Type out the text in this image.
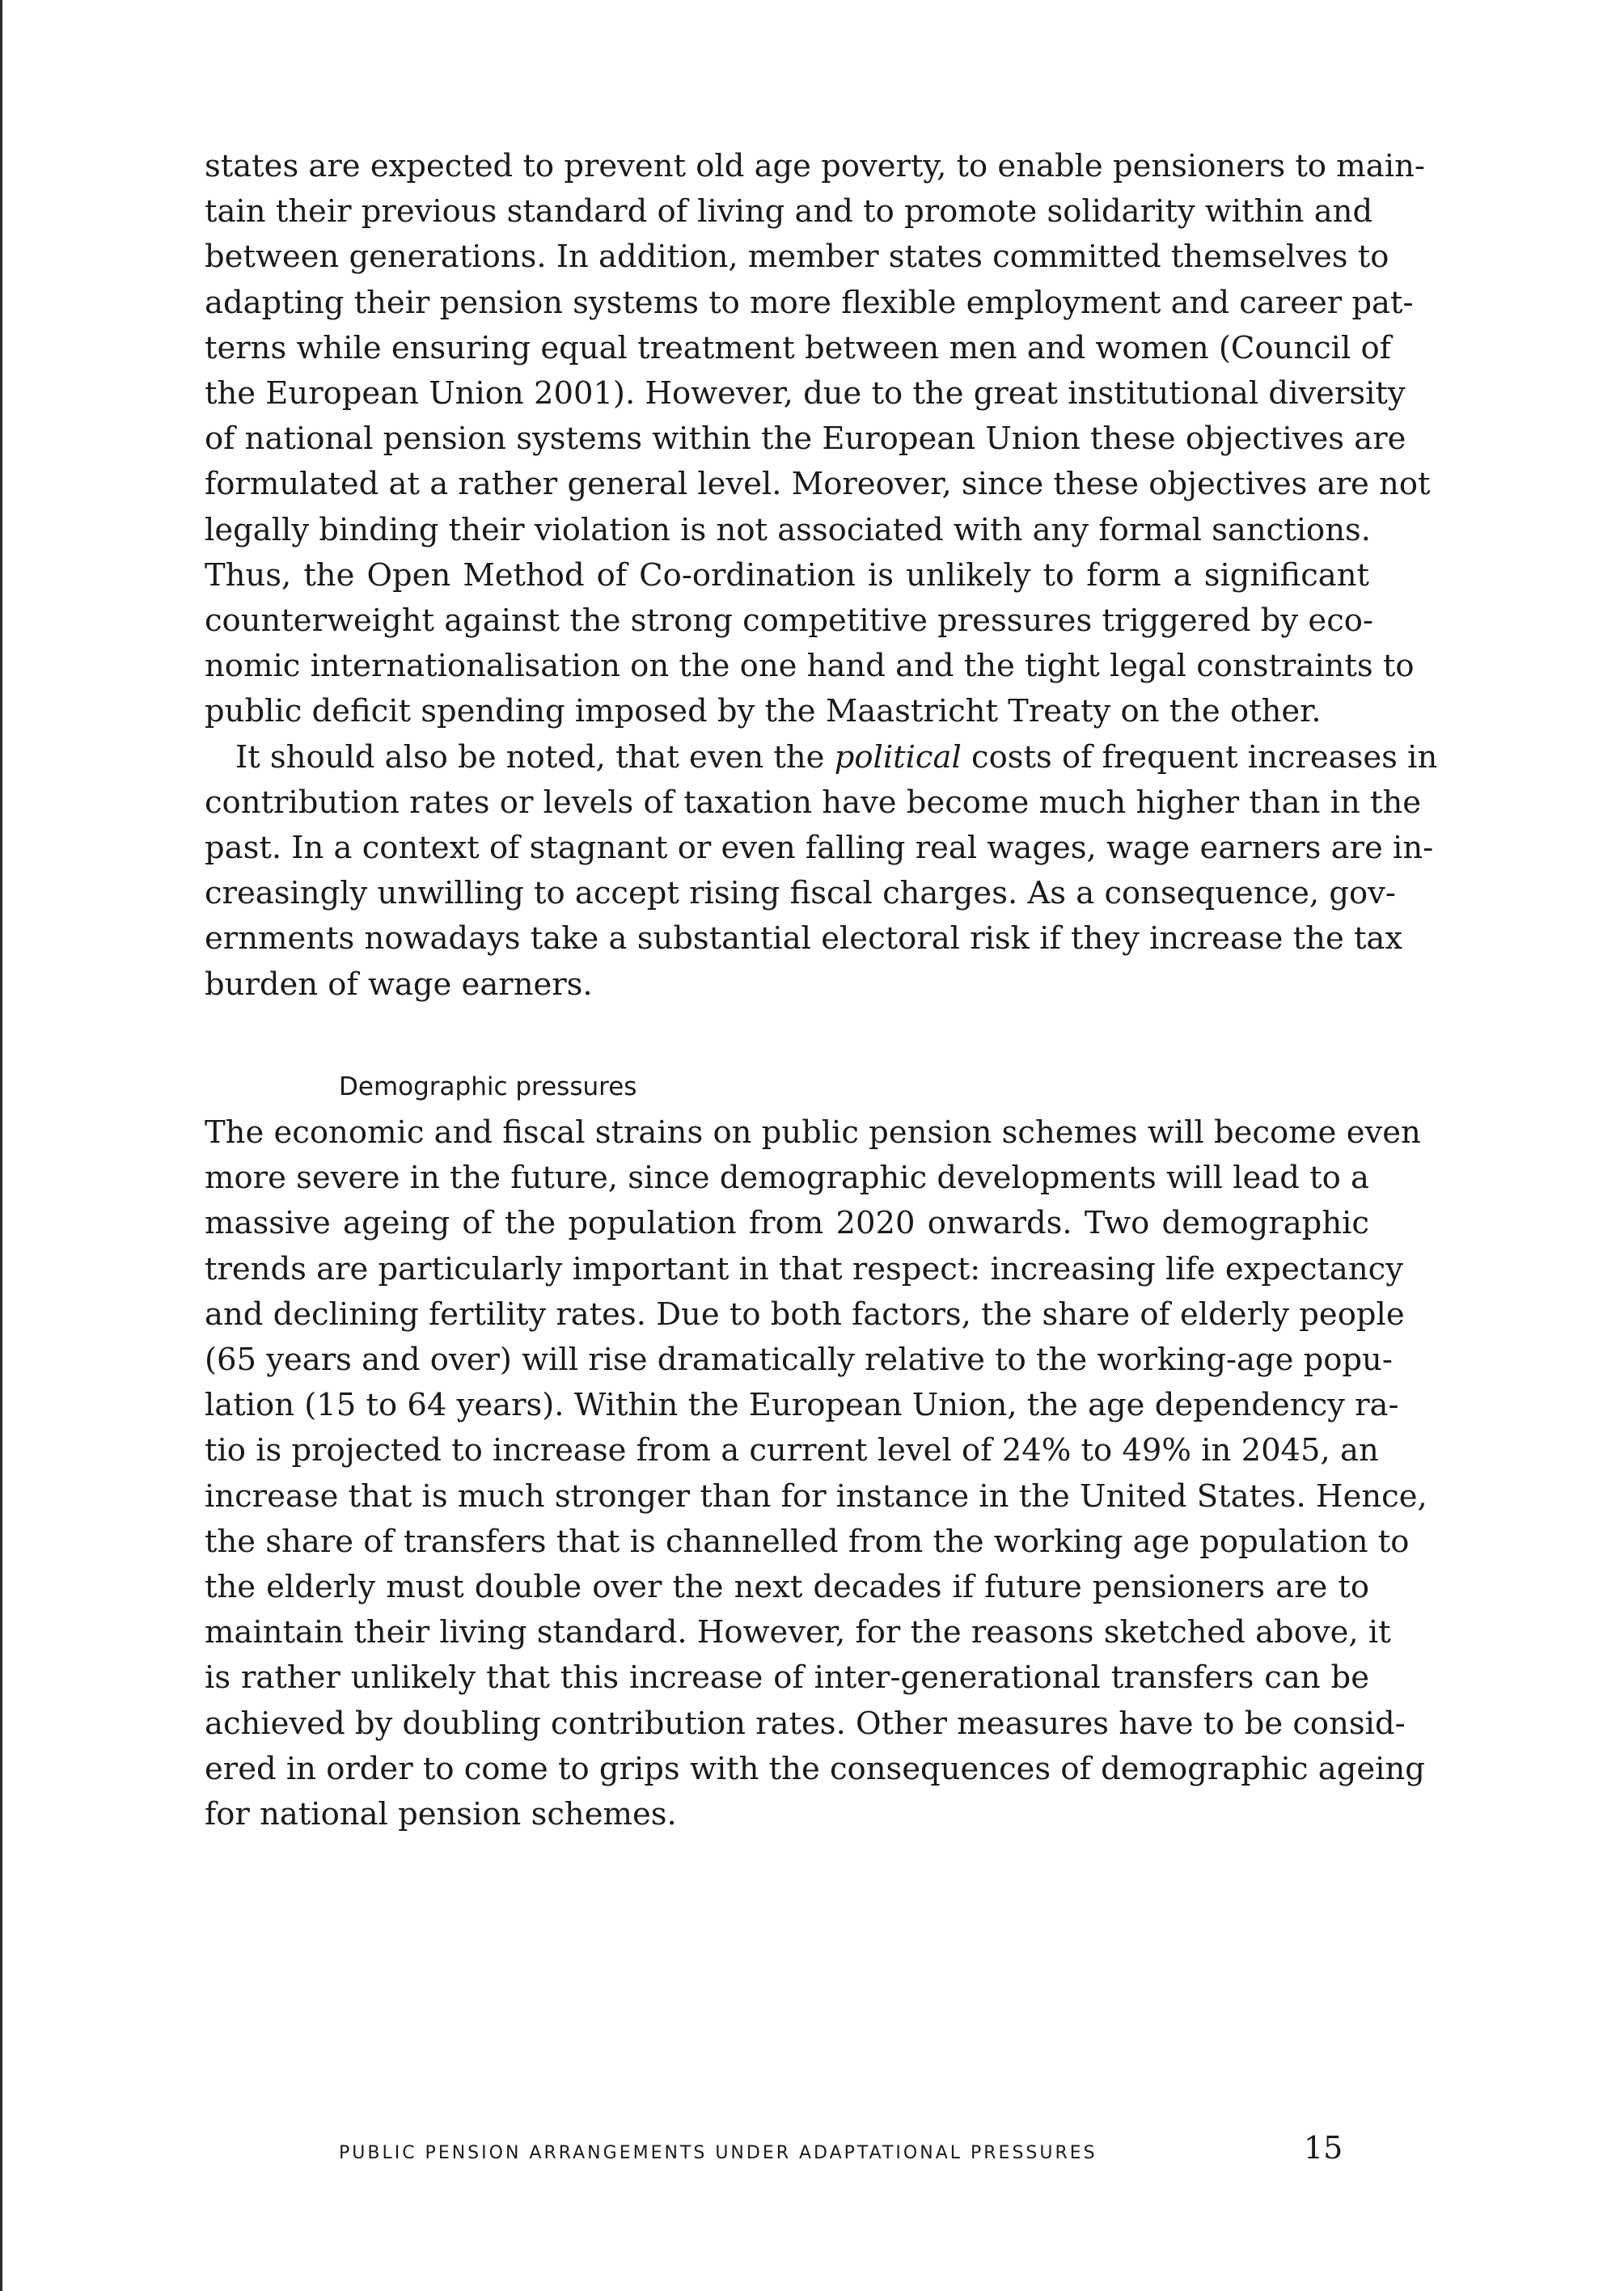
states are expected to prevent old age poverty, to enable pensioners to main-
tain their previous standard of living and to promote solidarity within and
between generations. In addition, member states committed themselves to
adapting their pension systems to more flexible employment and career pat-
terns while ensuring equal treatment between men and women (Council of
the European Union 2001). However, due to the great institutional diversity
of national pension systems within the European Union these objectives are
formulated at a rather general level. Moreover, since these objectives are not
legally binding their violation is not associated with any formal sanctions.
Thus, the Open Method of Co-ordination is unlikely to form a significant
counterweight against the strong competitive pressures triggered by eco-
nomic internationalisation on the one hand and the tight legal constraints to
public deficit spending imposed by the Maastricht Treaty on the other.

It should also be noted, that even the political costs of frequent increases in
contribution rates or levels of taxation have become much higher than in the
past. In a context of stagnant or even falling real wages, wage earners are in-
creasingly unwilling to accept rising fiscal charges. As a consequence, gov-
ernments nowadays take a substantial electoral risk if they increase the tax
burden of wage earners.

Demographic pressures

The economic and fiscal strains on public pension schemes will become even
more severe in the future, since demographic developments will lead to a
massive ageing of the population from 2020 onwards. Two demographic
trends are particularly important in that respect: increasing life expectancy
and declining fertility rates. Due to both factors, the share of elderly people
(65 years and over) will rise dramatically relative to the working-age popu-
lation (15 to 64 years). Within the European Union, the age dependency ra-
tio is projected to increase from a current level of 24% to 49% in 2045, an
increase that is much stronger than for instance in the United States. Hence,
the share of transfers that is channelled from the working age population to
the elderly must double over the next decades if future pensioners are to
maintain their living standard. However, for the reasons sketched above, it
is rather unlikely that this increase of inter-generational transfers can be
achieved by doubling contribution rates. Other measures have to be consid-
ered in order to come to grips with the consequences of demographic ageing
for national pension schemes.

PUBLIC PENSION ARRANGEMENTS UNDER ADAPTATIONAL PRESSURES	15
